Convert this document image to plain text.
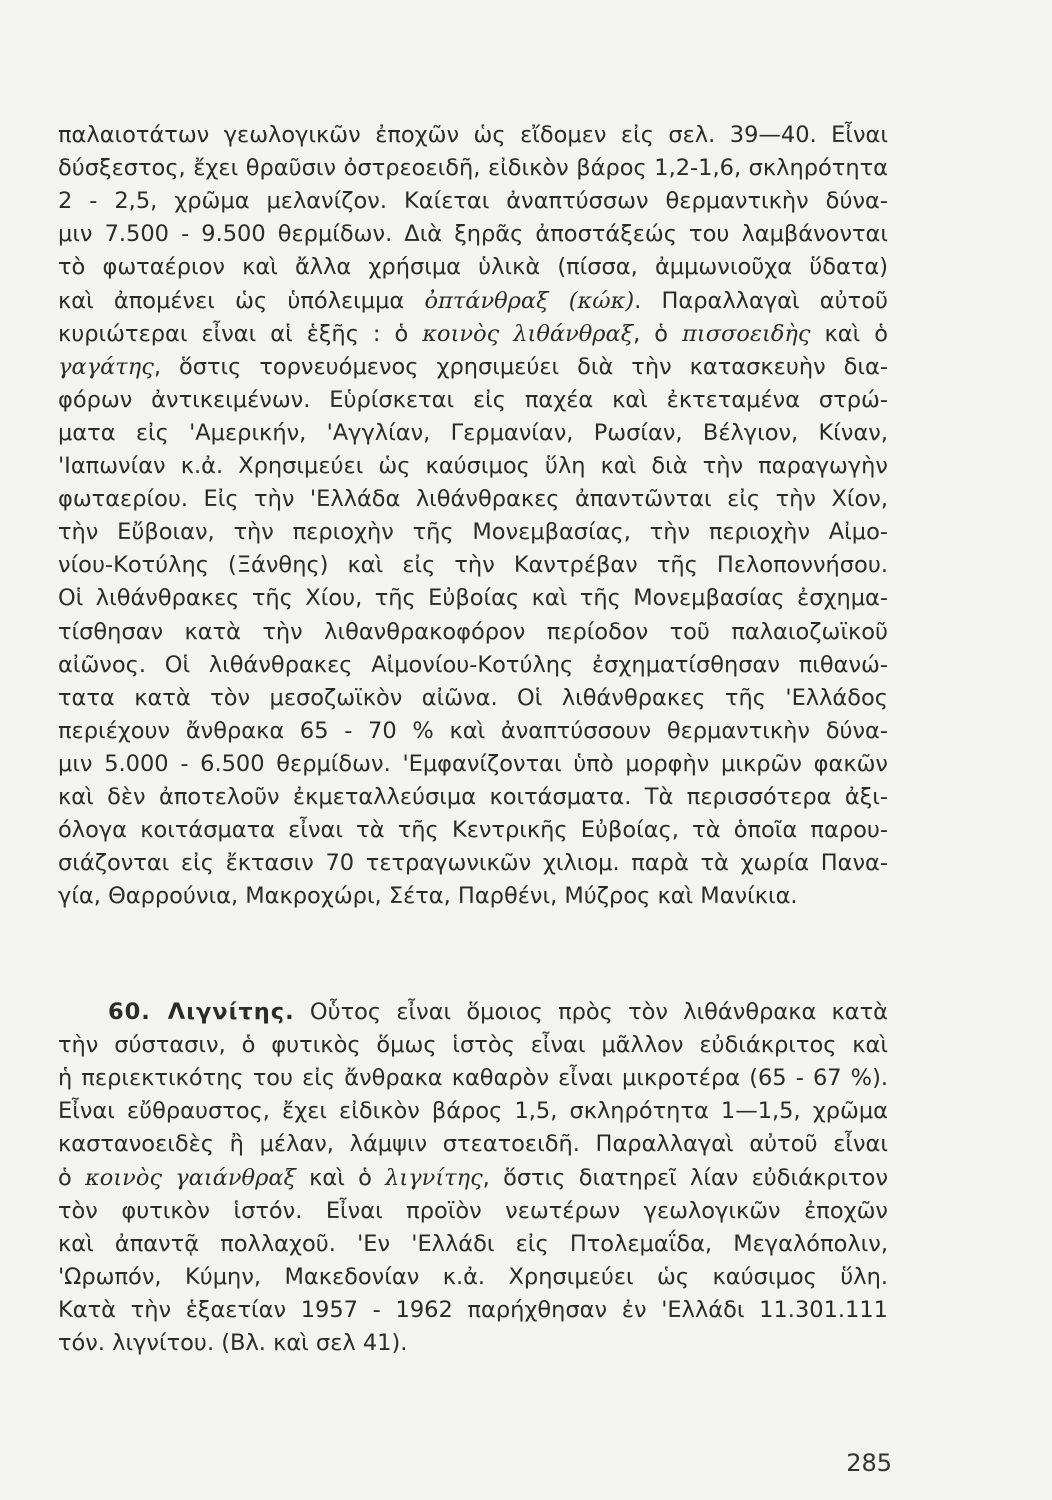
παλαιοτάτων γεωλογικῶν ἐποχῶν ὡς εἴδομεν εἰς σελ. 39—40. Εἶναι
δύσξεστος, ἔχει θραῦσιν ὀστρεοειδῆ, εἰδικὸν βάρος 1,2-1,6, σκληρότητα
2 - 2,5, χρῶμα μελανίζον. Καίεται ἀναπτύσσων θερμαντικὴν δύνα-
μιν 7.500 - 9.500 θερμίδων. Διὰ ξηρᾶς ἀποστάξεώς του λαμβάνονται
τὸ φωταέριον καὶ ἄλλα χρήσιμα ὑλικὰ (πίσσα, ἀμμωνιοῦχα ὕδατα)
καὶ ἀπομένει ὡς ὑπόλειμμα ὀπτάνθραξ (κώκ). Παραλλαγαὶ αὐτοῦ
κυριώτεραι εἶναι αἱ ἑξῆς : ὁ κοινὸς λιθάνθραξ, ὁ πισσοειδὴς καὶ ὁ
γαγάτης, ὅστις τορνευόμενος χρησιμεύει διὰ τὴν κατασκευὴν δια-
φόρων ἀντικειμένων. Εὑρίσκεται εἰς παχέα καὶ ἐκτεταμένα στρώ-
ματα εἰς 'Αμερικήν, 'Αγγλίαν, Γερμανίαν, Ρωσίαν, Βέλγιον, Κίναν,
'Ιαπωνίαν κ.ἀ. Χρησιμεύει ὡς καύσιμος ὕλη καὶ διὰ τὴν παραγωγὴν
φωταερίου. Εἰς τὴν 'Ελλάδα λιθάνθρακες ἀπαντῶνται εἰς τὴν Χίον,
τὴν Εὔβοιαν, τὴν περιοχὴν τῆς Μονεμβασίας, τὴν περιοχὴν Αἰμο-
νίου-Κοτύλης (Ξάνθης) καὶ εἰς τὴν Καντρέβαν τῆς Πελοποννήσου.
Οἱ λιθάνθρακες τῆς Χίου, τῆς Εὐβοίας καὶ τῆς Μονεμβασίας ἐσχημα-
τίσθησαν κατὰ τὴν λιθανθρακοφόρον περίοδον τοῦ παλαιοζωϊκοῦ
αἰῶνος. Οἱ λιθάνθρακες Αἰμονίου-Κοτύλης ἐσχηματίσθησαν πιθανώ-
τατα κατὰ τὸν μεσοζωϊκὸν αἰῶνα. Οἱ λιθάνθρακες τῆς 'Ελλάδος
περιέχουν ἄνθρακα 65 - 70 % καὶ ἀναπτύσσουν θερμαντικὴν δύνα-
μιν 5.000 - 6.500 θερμίδων. 'Εμφανίζονται ὑπὸ μορφὴν μικρῶν φακῶν
καὶ δὲν ἀποτελοῦν ἐκμεταλλεύσιμα κοιτάσματα. Τὰ περισσότερα ἀξι-
όλογα κοιτάσματα εἶναι τὰ τῆς Κεντρικῆς Εὐβοίας, τὰ ὁποῖα παρου-
σιάζονται εἰς ἔκτασιν 70 τετραγωνικῶν χιλιομ. παρὰ τὰ χωρία Πανα-
γία, Θαρρούνια, Μακροχώρι, Σέτα, Παρθένι, Μύζρος καὶ Μανίκια.
60. Λιγνίτης. Οὗτος εἶναι ὅμοιος πρὸς τὸν λιθάνθρακα κατὰ
τὴν σύστασιν, ὁ φυτικὸς ὅμως ἱστὸς εἶναι μᾶλλον εὐδιάκριτος καὶ
ἡ περιεκτικότης του εἰς ἄνθρακα καθαρὸν εἶναι μικροτέρα (65 - 67 %).
Εἶναι εὔθραυστος, ἔχει εἰδικὸν βάρος 1,5, σκληρότητα 1—1,5, χρῶμα
καστανοειδὲς ἢ μέλαν, λάμψιν στεατοειδῆ. Παραλλαγαὶ αὐτοῦ εἶναι
ὁ κοινὸς γαιάνθραξ καὶ ὁ λιγνίτης, ὅστις διατηρεῖ λίαν εὐδιάκριτον
τὸν φυτικὸν ἱστόν. Εἶναι προϊὸν νεωτέρων γεωλογικῶν ἐποχῶν
καὶ ἀπαντᾷ πολλαχοῦ. 'Εν 'Ελλάδι εἰς Πτολεμαΐδα, Μεγαλόπολιν,
'Ωρωπόν, Κύμην, Μακεδονίαν κ.ἀ. Χρησιμεύει ὡς καύσιμος ὕλη.
Κατὰ τὴν ἑξαετίαν 1957 - 1962 παρήχθησαν ἐν 'Ελλάδι 11.301.111
τόν. λιγνίτου. (Βλ. καὶ σελ 41).
285
